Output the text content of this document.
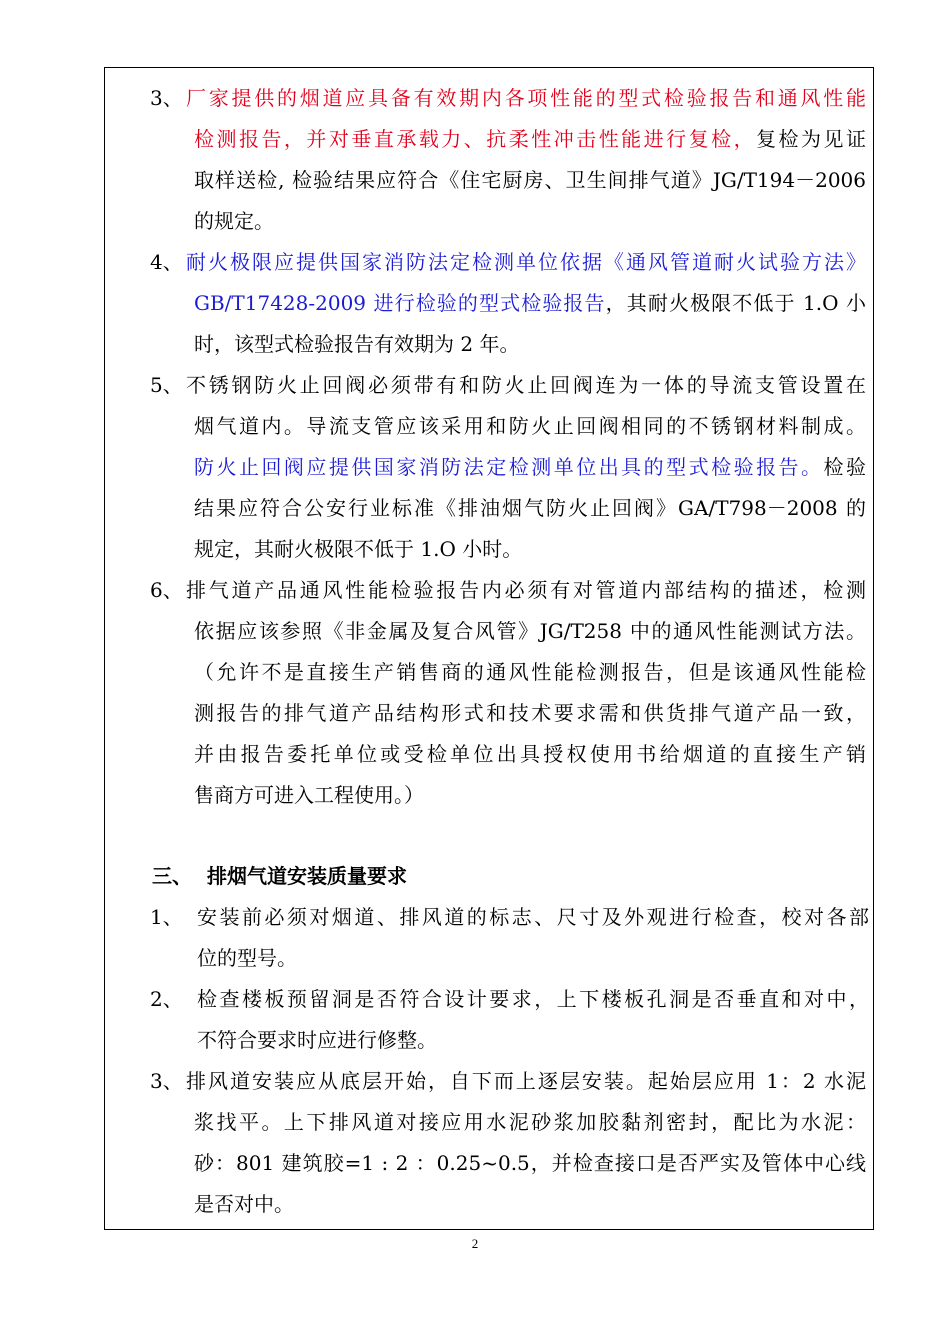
3、 厂家提供的烟道应具备有效期内各项性能的型式检验报告和通风性能
检测报告，并对垂直承载力、抗柔性冲击性能进行复检，复检为见证
取样送检, 检验结果应符合《住宅厨房、卫生间排气道》JG/T194－2006
的规定。
4、 耐火极限应提供国家消防法定检测单位依据《通风管道耐火试验方法》
GB/T17428-2009 进行检验的型式检验报告，其耐火极限不低于 1.O 小
时，该型式检验报告有效期为 2 年。
5、 不锈钢防火止回阀必须带有和防火止回阀连为一体的导流支管设置在
烟气道内。导流支管应该采用和防火止回阀相同的不锈钢材料制成。
防火止回阀应提供国家消防法定检测单位出具的型式检验报告。检验
结果应符合公安行业标准《排油烟气防火止回阀》GA/T798－2008 的
规定，其耐火极限不低于 1.O 小时。
6、 排气道产品通风性能检验报告内必须有对管道内部结构的描述，检测
依据应该参照《非金属及复合风管》JG/T258 中的通风性能测试方法。
（允许不是直接生产销售商的通风性能检测报告，但是该通风性能检
测报告的排气道产品结构形式和技术要求需和供货排气道产品一致，
并由报告委托单位或受检单位出具授权使用书给烟道的直接生产销
售商方可进入工程使用。）
三、 排烟气道安装质量要求
1、 安装前必须对烟道、排风道的标志、尺寸及外观进行检查，校对各部
位的型号。
2、 检查楼板预留洞是否符合设计要求，上下楼板孔洞是否垂直和对中，
不符合要求时应进行修整。
3、 排风道安装应从底层开始，自下而上逐层安装。起始层应用 1：2 水泥
浆找平。上下排风道对接应用水泥砂浆加胶黏剂密封，配比为水泥：
砂：801 建筑胶=1 : 2 ：0.25~0.5，并检查接口是否严实及管体中心线
是否对中。
2
